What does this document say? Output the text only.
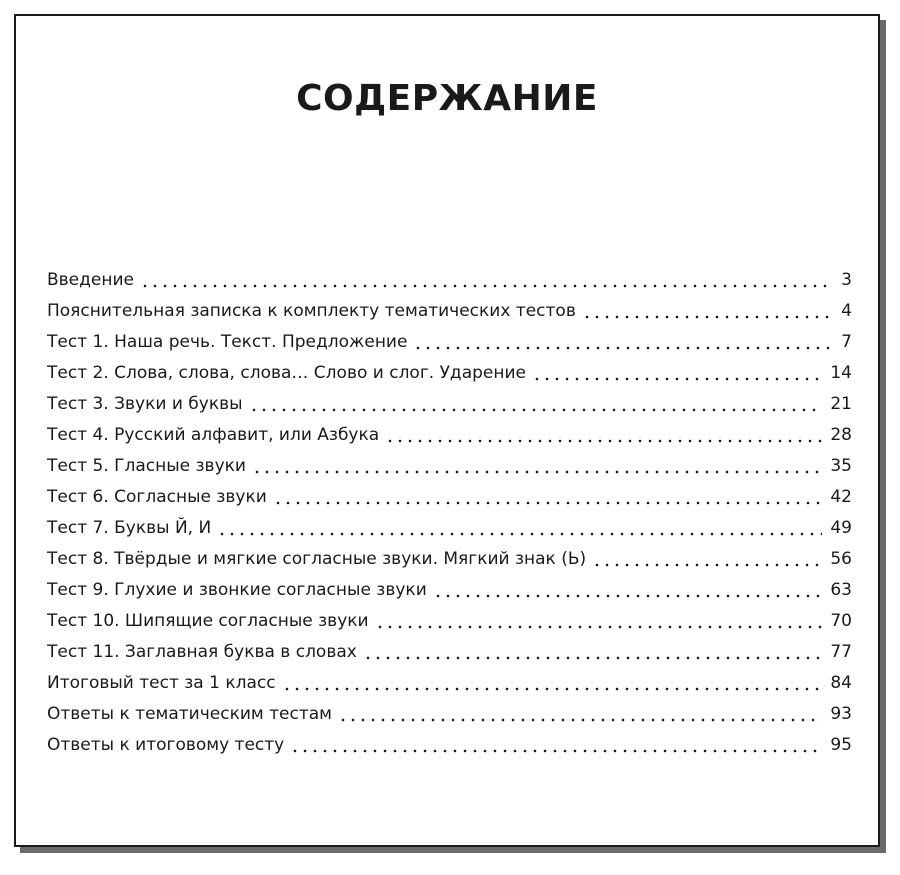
СОДЕРЖАНИЕ
Введение	3
Пояснительная записка к комплекту тематических тестов	4
Тест 1. Наша речь. Текст. Предложение	7
Тест 2. Слова, слова, слова… Слово и слог. Ударение	14
Тест 3. Звуки и буквы	21
Тест 4. Русский алфавит, или Азбука	28
Тест 5. Гласные звуки	35
Тест 6. Согласные звуки	42
Тест 7. Буквы Й, И	49
Тест 8. Твёрдые и мягкие согласные звуки. Мягкий знак (Ь)	56
Тест 9. Глухие и звонкие согласные звуки	63
Тест 10. Шипящие согласные звуки	70
Тест 11. Заглавная буква в словах	77
Итоговый тест за 1 класс	84
Ответы к тематическим тестам	93
Ответы к итоговому тесту	95
